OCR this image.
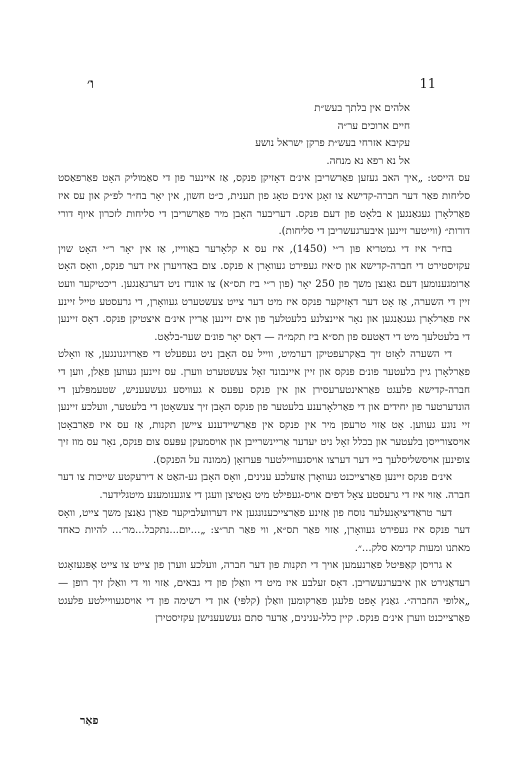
11
ו׳
אלהים אין בלתך בעש״ת
חיים ארוכים ער״ה
עקיבא אזרחי בעש״ת פרקן ישראל נושע
אל נא רפא נא מנחה.

עס הייסט: „איך האב געזען פאַרשריבן אינ׳ם דאָזיקן פנקס, אַז איינער פון די סאַמוליק האָט פאַרפאַסט סליחות פאַר דער חברה-קדישא צו זאָגן אינ׳ם טאָג פון תענית, כ״ט חשון, אין יאָר בח״ר לפ״ק און עס איז פאַרלאָרן געגאַנגען א בלאָט פון דעם פנקס. דעריבער האָבן מיר פאַרשריבן די סליחות לזכרון איוף דורי דורות״ (ווייטער זיינען איבערגעשריבן די סליחות).

בח״ר איז די גמטריא פון ר״י (1450), איז עס א קלאָרער באַווייז, אַז אין יאָר ר״י האָט שוין עקזיסטירט די חברה-קדישא און ס׳איז געפירט געוואָרן א פנקס. צום באַדויערן איז דער פנקס, וואָס האָט אַרומגענומען דעם גאַנצן משך פון 250 יאָר (פון ר״י ביז תס״א) צו אונדז ניט דערגאַנגען. ריכטיקער וועט זיין די השערה, אַז אָט דער דאָזיקער פנקס איז מיט דער צייט צעשטערט געוואָרן, די גרעסטע טייל זיינע איז פאַרלאָרן געגאַנגען און נאָר איינצלנע בלעטלעך פון אים זיינען אַריין אינ׳ם איצטיקן פנקס. דאָס זיינען די בלעטלעך מיט די דאַטעס פון תס״א ביז תקמ״ה — דאָס יאָר פונ׳ם שער-בלאַט.

די השערה לאָזט זיך באַקרעפטיקן דערמיט, ווייל עס האָבן ניט געפעלט די פאַרזיגנונגען, אַז וואָלט פאַרלאָרן גיין בלעטער פונ׳ם פנקס און זיין איינבונד זאָל צעשטערט ווערן. עס זיינען געווען פאַלן, ווען די חברה-קדישא פלעגט פאַראינטערעסירן און אין פנקס עפּעס א געוויסע געשעעניש, שטעמפּלען די הונדערטער פון יחידים און די פאַרלאָרענע בלעטער פון פנקס האָבן זיך צעשאָטן די בלעטער, וועלכע זיינען זיי נוגע געווען. אָט אַזוי טרעפן מיר אין פנקס אין פאַרשיידענע ציישן תקנות, אַז עס איז פאַרבאָטן אויסצורייסן בלעטער און בכלל זאָל ניט יעדער אַריינשרייבן און אויסמעקן עפּעס צום פנקס, נאָר עס מוז זיך צופינען אויסשליסלעך ביי דער דערצו אויסגעוויילטער פּערזאָן (ממונה על הפנקס).

אינ׳ם פנקס זיינען פאַרצייכנט געוואָרן אַזעלכע ענינים, וואָס האָבן גע-האַט א דירעקטע שייכות צו דער חברה. אַזוי איז די גרעסטע צאָל דפים אויס-געפילט מיט נאָטיצן וועגן די צוגענומענע מיטגלידער.

דער טראַדיציאָנעלער נוסח פון אַזינע פאַרצייכענונגען איז דערוועלביקער פאַרן גאַנצן משך צייט, וואָס דער פנקס איז געפירט געוואָרן, אַזוי פאַר תס״א, ווי פאַר תר״צ: „...יום...נתקבל...מר׳... להיות כאחד מאתנו ומעות קדימא סלק...״.

א גרויסן קאַפּיטל פאַרנעמען אויך די תקנות פון דער חברה, וועלכע ווערן פון צייט צו צייט אָפּגעזאָגט רעדאַגירט און איבערגעשריבן. דאָס זעלבע איז מיט די וואַלן פון די גבאים, אַזוי ווי די וואַלן זיך רופן — „אלופי החברה״. גאַנץ אָפט פלעגן פאַרקומען וואַלן (קלפּי) און די רשימה פון די אויסגעוויילטע פלעגט פאַרצייכנט ווערן אינ׳ם פנקס. קיין כלל-ענינים, אַדער סתם געשעענישן עקזיסטירן

פאַר
